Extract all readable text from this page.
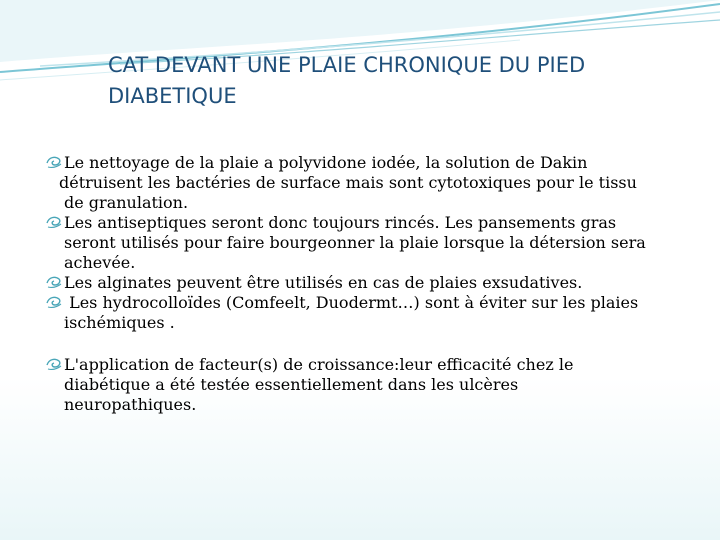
CAT DEVANT UNE PLAIE CHRONIQUE DU PIED
DIABETIQUE
Le nettoyage de la plaie a polyvidone iodée, la solution de Dakin
détruisent les bactéries de surface mais sont cytotoxiques pour le tissu
de granulation.
Les antiseptiques seront donc toujours rincés. Les pansements gras
seront utilisés pour faire bourgeonner la plaie lorsque la détersion sera
achevée.
Les alginates peuvent être utilisés en cas de plaies exsudatives.
Les hydrocolloïdes (Comfeelt, Duodermt…) sont à éviter sur les plaies
ischémiques .
L'application de facteur(s) de croissance:leur efficacité chez le
diabétique a été testée essentiellement dans les ulcères
neuropathiques.
